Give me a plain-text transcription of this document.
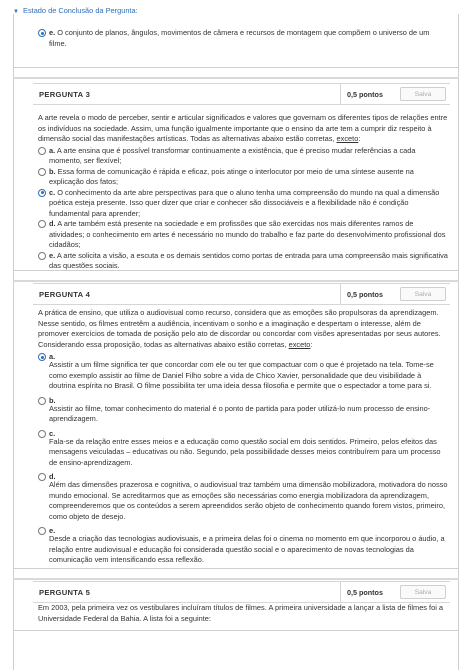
▼ Estado de Conclusão da Pergunta:
e. O conjunto de planos, ângulos, movimentos de câmera e recursos de montagem que compõem o universo de um filme.
PERGUNTA 3	0,5 pontos	Salva
A arte revela o modo de perceber, sentir e articular significados e valores que governam os diferentes tipos de relações entre os indivíduos na sociedade. Assim, uma função igualmente importante que o ensino da arte tem a cumprir diz respeito à dimensão social das manifestações artísticas. Todas as alternativas abaixo estão corretas, exceto:
a. A arte ensina que é possível transformar continuamente a existência, que é preciso mudar referências a cada momento, ser flexível;
b. Essa forma de comunicação é rápida e eficaz, pois atinge o interlocutor por meio de uma síntese ausente na explicação dos fatos;
c. O conhecimento da arte abre perspectivas para que o aluno tenha uma compreensão do mundo na qual a dimensão poética esteja presente. Isso quer dizer que criar e conhecer são dissociáveis e a flexibilidade não é condição fundamental para aprender;
d. A arte também está presente na sociedade e em profissões que são exercidas nos mais diferentes ramos de atividades; o conhecimento em artes é necessário no mundo do trabalho e faz parte do desenvolvimento profissional dos cidadãos;
e. A arte solicita a visão, a escuta e os demais sentidos como portas de entrada para uma compreensão mais significativa das questões sociais.
PERGUNTA 4	0,5 pontos	Salva
A prática de ensino, que utiliza o audiovisual como recurso, considera que as emoções são propulsoras da aprendizagem. Nesse sentido, os filmes entretêm a audiência, incentivam o sonho e a imaginação e despertam o interesse, além de promover exercícios de tomada de posição pelo ato de discordar ou concordar com visões apresentadas por seus autores. Considerando essa proposição, todas as alternativas abaixo estão corretas, exceto:
a.
Assistir a um filme significa ter que concordar com ele ou ter que compactuar com o que é projetado na tela. Tome-se como exemplo assistir ao filme de Daniel Filho sobre a vida de Chico Xavier, personalidade que deu visibilidade à doutrina espírita no Brasil. O filme possibilita ter uma ideia dessa filosofia e permite que o espectador a tome para si.
b.
Assistir ao filme, tomar conhecimento do material é o ponto de partida para poder utilizá-lo num processo de ensino-aprendizagem.
c.
Fala-se da relação entre esses meios e a educação como questão social em dois sentidos. Primeiro, pelos efeitos das mensagens veiculadas – educativas ou não. Segundo, pela possibilidade desses meios contribuírem para um processo de ensino-aprendizagem.
d.
Além das dimensões prazerosa e cognitiva, o audiovisual traz também uma dimensão mobilizadora, motivadora do nosso mundo emocional. Se acreditarmos que as emoções são necessárias como energia mobilizadora da aprendizagem, compreenderemos que os conteúdos a serem apreendidos serão objeto de conhecimento quando forem vistos, primeiro, como objeto de desejo.
e.
Desde a criação das tecnologias audiovisuais, e a primeira delas foi o cinema no momento em que incorporou o áudio, a relação entre audiovisual e educação foi considerada questão social e o aparecimento de novas tecnologias da comunicação vem intensificando essa reflexão.
PERGUNTA 5	0,5 pontos	Salva
Em 2003, pela primeira vez os vestibulares incluíram títulos de filmes. A primeira universidade a lançar a lista de filmes foi a Universidade Federal da Bahia. A lista foi a seguinte:
